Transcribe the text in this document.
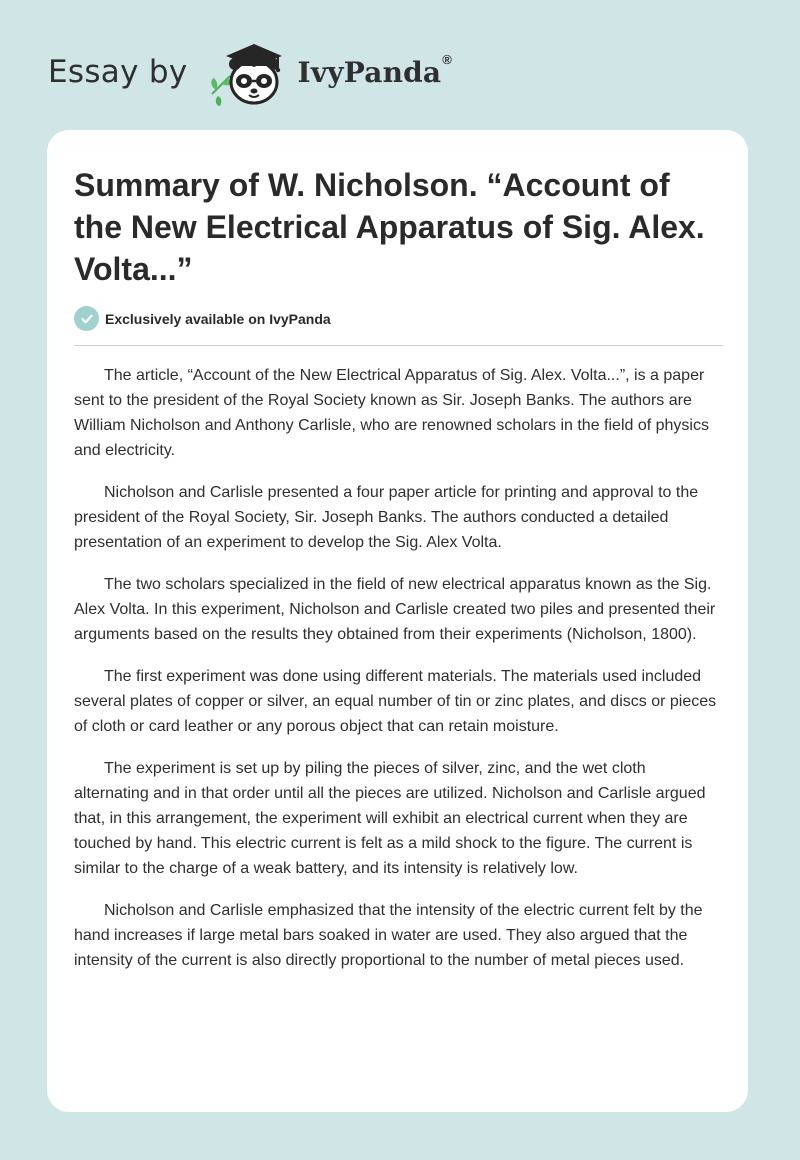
Essay by	IvyPanda®
Summary of W. Nicholson. “Account of the New Electrical Apparatus of Sig. Alex. Volta...”
Exclusively available on IvyPanda

The article, “Account of the New Electrical Apparatus of Sig. Alex. Volta...”, is a paper sent to the president of the Royal Society known as Sir. Joseph Banks. The authors are William Nicholson and Anthony Carlisle, who are renowned scholars in the field of physics and electricity.

Nicholson and Carlisle presented a four paper article for printing and approval to the president of the Royal Society, Sir. Joseph Banks. The authors conducted a detailed presentation of an experiment to develop the Sig. Alex Volta.

The two scholars specialized in the field of new electrical apparatus known as the Sig. Alex Volta. In this experiment, Nicholson and Carlisle created two piles and presented their arguments based on the results they obtained from their experiments (Nicholson, 1800).

The first experiment was done using different materials. The materials used included several plates of copper or silver, an equal number of tin or zinc plates, and discs or pieces of cloth or card leather or any porous object that can retain moisture.

The experiment is set up by piling the pieces of silver, zinc, and the wet cloth alternating and in that order until all the pieces are utilized. Nicholson and Carlisle argued that, in this arrangement, the experiment will exhibit an electrical current when they are touched by hand. This electric current is felt as a mild shock to the figure. The current is similar to the charge of a weak battery, and its intensity is relatively low.

Nicholson and Carlisle emphasized that the intensity of the electric current felt by the hand increases if large metal bars soaked in water are used. They also argued that the intensity of the current is also directly proportional to the number of metal pieces used.
